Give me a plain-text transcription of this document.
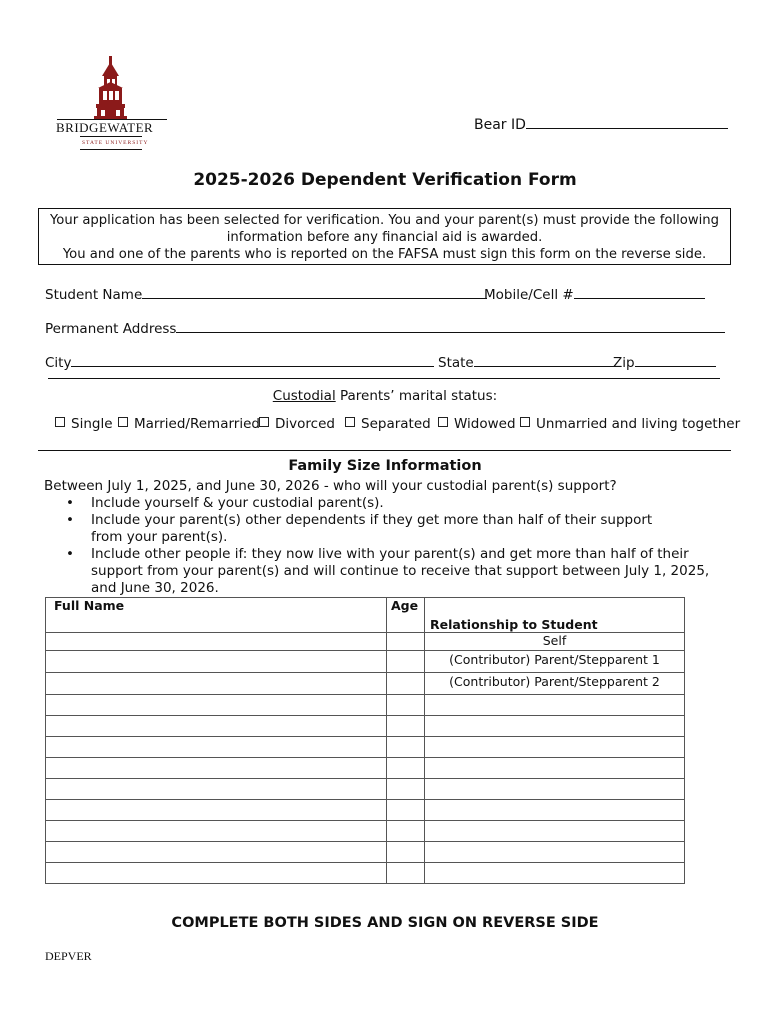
BRIDGEWATER
STATE UNIVERSITY
Bear ID
2025-2026 Dependent Verification Form
Your application has been selected for verification. You and your parent(s) must provide the following
information before any financial aid is awarded.
You and one of the parents who is reported on the FAFSA must sign this form on the reverse side.
Student Name	Mobile/Cell #
Permanent Address
City	State	Zip
Custodial Parents’ marital status:
Single	Married/Remarried	Divorced	Separated	Widowed	Unmarried and living together
Family Size Information
Between July 1, 2025, and June 30, 2026 - who will your custodial parent(s) support?
• Include yourself & your custodial parent(s).
• Include your parent(s) other dependents if they get more than half of their support from your parent(s).
• Include other people if: they now live with your parent(s) and get more than half of their support from your parent(s) and will continue to receive that support between July 1, 2025, and June 30, 2026.
Full Name	Age	Relationship to Student
		Self
		(Contributor) Parent/Stepparent 1
		(Contributor) Parent/Stepparent 2

COMPLETE BOTH SIDES AND SIGN ON REVERSE SIDE
DEPVER
